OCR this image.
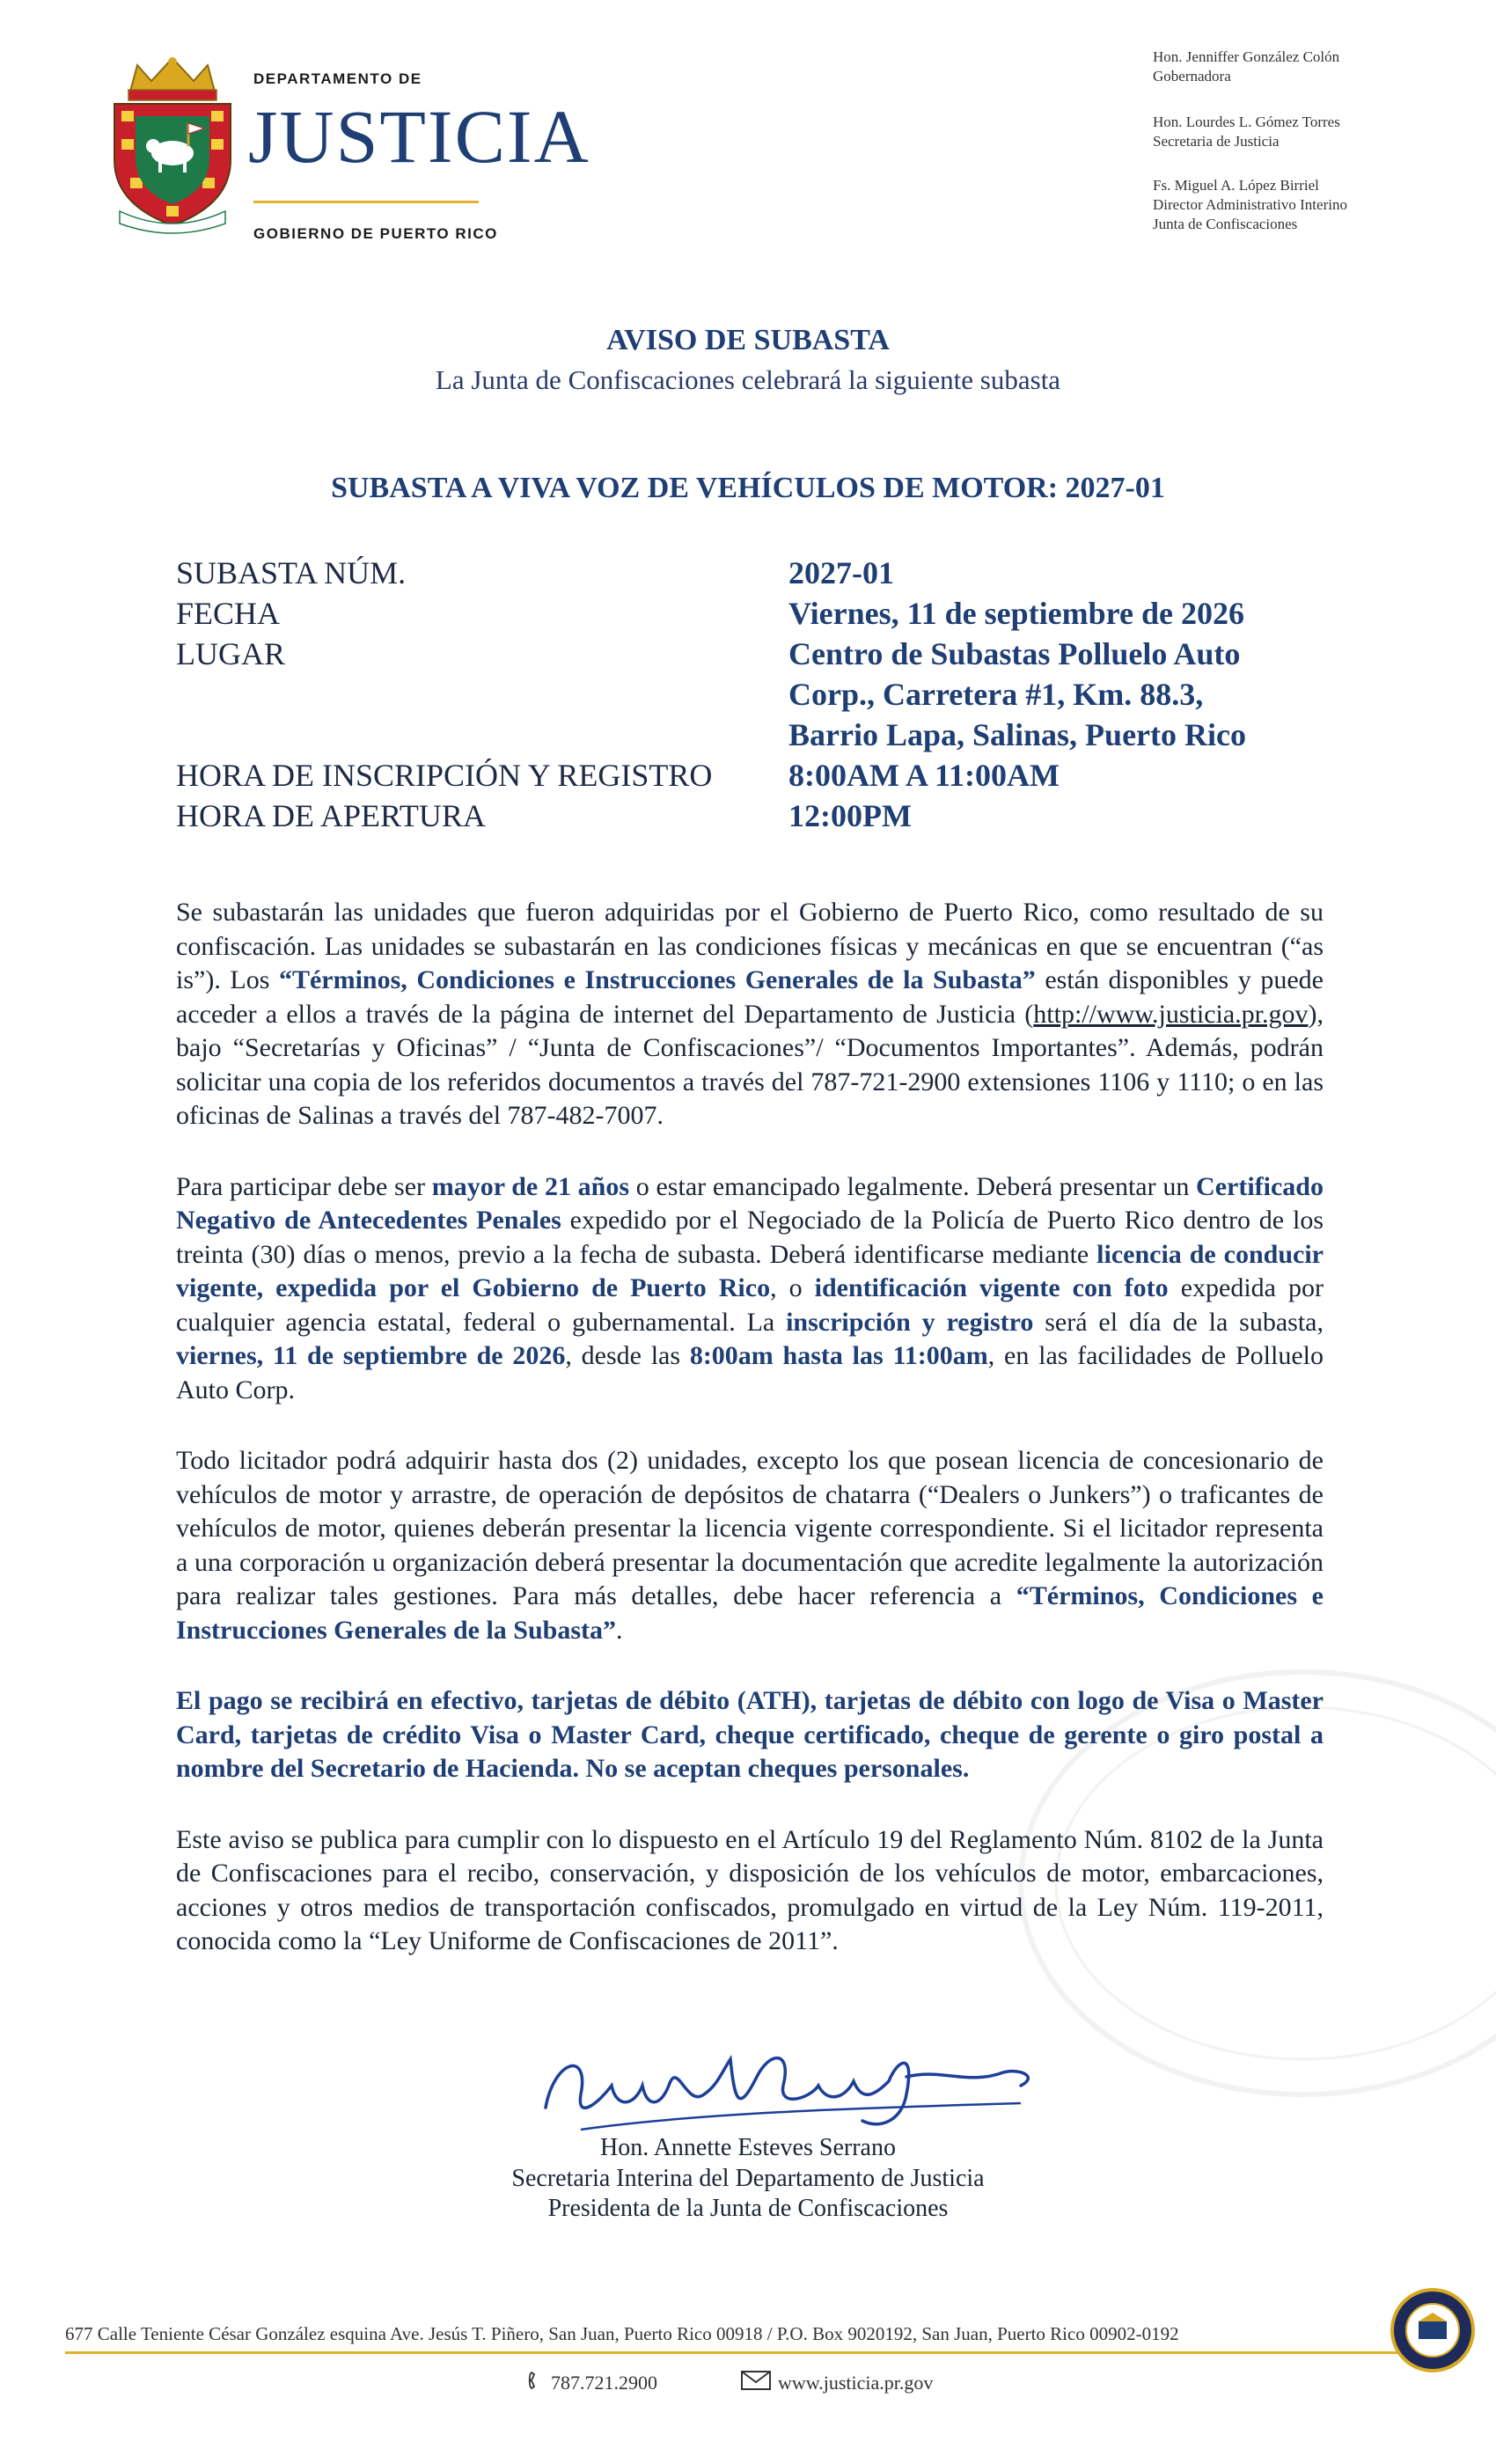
DEPARTAMENTO DE
JUSTICIA
GOBIERNO DE PUERTO RICO
Hon. Jenniffer González Colón
Gobernadora
Hon. Lourdes L. Gómez Torres
Secretaria de Justicia
Fs. Miguel A. López Birriel
Director Administrativo Interino
Junta de Confiscaciones
AVISO DE SUBASTA
La Junta de Confiscaciones celebrará la siguiente subasta
SUBASTA A VIVA VOZ DE VEHÍCULOS DE MOTOR: 2027-01
SUBASTA NÚM.	2027-01
FECHA	Viernes, 11 de septiembre de 2026
LUGAR	Centro de Subastas Polluelo Auto
Corp., Carretera #1, Km. 88.3,
Barrio Lapa, Salinas, Puerto Rico
HORA DE INSCRIPCIÓN Y REGISTRO	8:00AM A 11:00AM
HORA DE APERTURA	12:00PM

Se subastarán las unidades que fueron adquiridas por el Gobierno de Puerto Rico, como resultado de su confiscación. Las unidades se subastarán en las condiciones físicas y mecánicas en que se encuentran (“as is”). Los “Términos, Condiciones e Instrucciones Generales de la Subasta” están disponibles y puede acceder a ellos a través de la página de internet del Departamento de Justicia (http://www.justicia.pr.gov), bajo “Secretarías y Oficinas” / “Junta de Confiscaciones”/ “Documentos Importantes”. Además, podrán solicitar una copia de los referidos documentos a través del 787-721-2900 extensiones 1106 y 1110; o en las oficinas de Salinas a través del 787-482-7007.

Para participar debe ser mayor de 21 años o estar emancipado legalmente. Deberá presentar un Certificado Negativo de Antecedentes Penales expedido por el Negociado de la Policía de Puerto Rico dentro de los treinta (30) días o menos, previo a la fecha de subasta. Deberá identificarse mediante licencia de conducir vigente, expedida por el Gobierno de Puerto Rico, o identificación vigente con foto expedida por cualquier agencia estatal, federal o gubernamental. La inscripción y registro será el día de la subasta, viernes, 11 de septiembre de 2026, desde las 8:00am hasta las 11:00am, en las facilidades de Polluelo Auto Corp.

Todo licitador podrá adquirir hasta dos (2) unidades, excepto los que posean licencia de concesionario de vehículos de motor y arrastre, de operación de depósitos de chatarra (“Dealers o Junkers”) o traficantes de vehículos de motor, quienes deberán presentar la licencia vigente correspondiente. Si el licitador representa a una corporación u organización deberá presentar la documentación que acredite legalmente la autorización para realizar tales gestiones. Para más detalles, debe hacer referencia a “Términos, Condiciones e Instrucciones Generales de la Subasta”.

El pago se recibirá en efectivo, tarjetas de débito (ATH), tarjetas de débito con logo de Visa o Master Card, tarjetas de crédito Visa o Master Card, cheque certificado, cheque de gerente o giro postal a nombre del Secretario de Hacienda. No se aceptan cheques personales.

Este aviso se publica para cumplir con lo dispuesto en el Artículo 19 del Reglamento Núm. 8102 de la Junta de Confiscaciones para el recibo, conservación, y disposición de los vehículos de motor, embarcaciones, acciones y otros medios de transportación confiscados, promulgado en virtud de la Ley Núm. 119-2011, conocida como la “Ley Uniforme de Confiscaciones de 2011”.

Hon. Annette Esteves Serrano
Secretaria Interina del Departamento de Justicia
Presidenta de la Junta de Confiscaciones
677 Calle Teniente César González esquina Ave. Jesús T. Piñero, San Juan, Puerto Rico 00918 / P.O. Box 9020192, San Juan, Puerto Rico 00902-0192
787.721.2900	www.justicia.pr.gov
